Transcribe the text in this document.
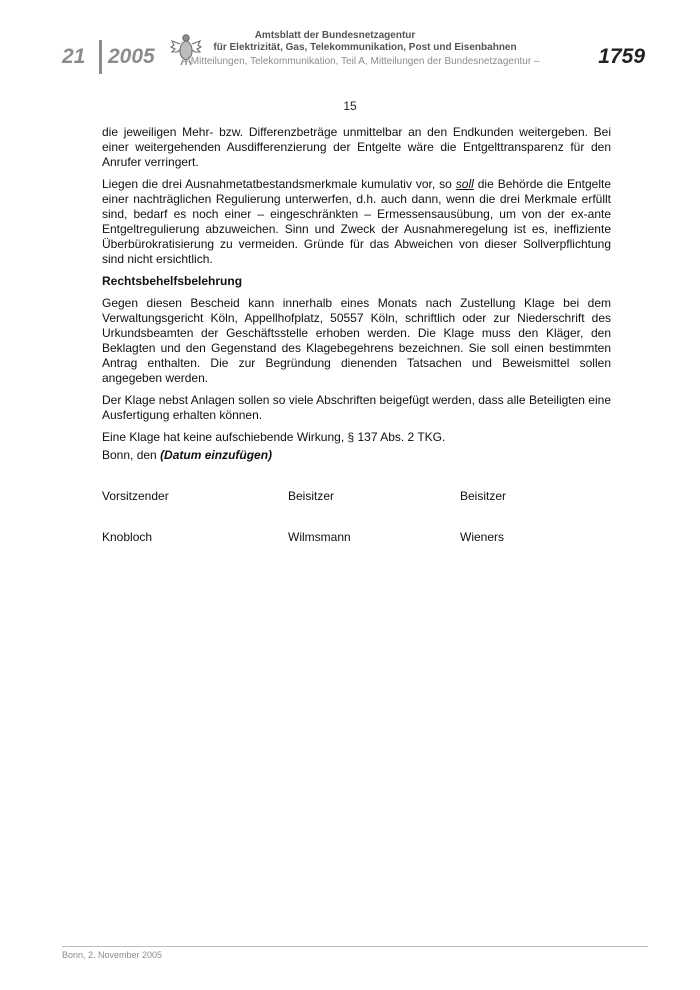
21 2005
Amtsblatt der Bundesnetzagentur
für Elektrizität, Gas, Telekommunikation, Post und Eisenbahnen
– Mitteilungen, Telekommunikation, Teil A, Mitteilungen der Bundesnetzagentur –	1759
15

die jeweiligen Mehr- bzw. Differenzbeträge unmittelbar an den Endkunden weitergeben. Bei einer weitergehenden Ausdifferenzierung der Entgelte wäre die Entgelttransparenz für den Anrufer verringert.

Liegen die drei Ausnahmetatbestandsmerkmale kumulativ vor, so soll die Behörde die Entgelte einer nachträglichen Regulierung unterwerfen, d.h. auch dann, wenn die drei Merkmale erfüllt sind, bedarf es noch einer – eingeschränkten – Ermessensausübung, um von der ex-ante Entgeltregulierung abzuweichen. Sinn und Zweck der Ausnahmeregelung ist es, ineffiziente Überbürokratisierung zu vermeiden. Gründe für das Abweichen von dieser Sollverpflichtung sind nicht ersichtlich.

Rechtsbehelfsbelehrung

Gegen diesen Bescheid kann innerhalb eines Monats nach Zustellung Klage bei dem Verwaltungsgericht Köln, Appellhofplatz, 50557 Köln, schriftlich oder zur Niederschrift des Urkundsbeamten der Geschäftsstelle erhoben werden. Die Klage muss den Kläger, den Beklagten und den Gegenstand des Klagebegehrens bezeichnen. Sie soll einen bestimmten Antrag enthalten. Die zur Begründung dienenden Tatsachen und Beweismittel sollen angegeben werden.

Der Klage nebst Anlagen sollen so viele Abschriften beigefügt werden, dass alle Beteiligten eine Ausfertigung erhalten können.

Eine Klage hat keine aufschiebende Wirkung, § 137 Abs. 2 TKG.

Bonn, den (Datum einzufügen)
Vorsitzender	Beisitzer	Beisitzer
Knobloch	Wilmsmann	Wieners
Bonn, 2. November 2005
